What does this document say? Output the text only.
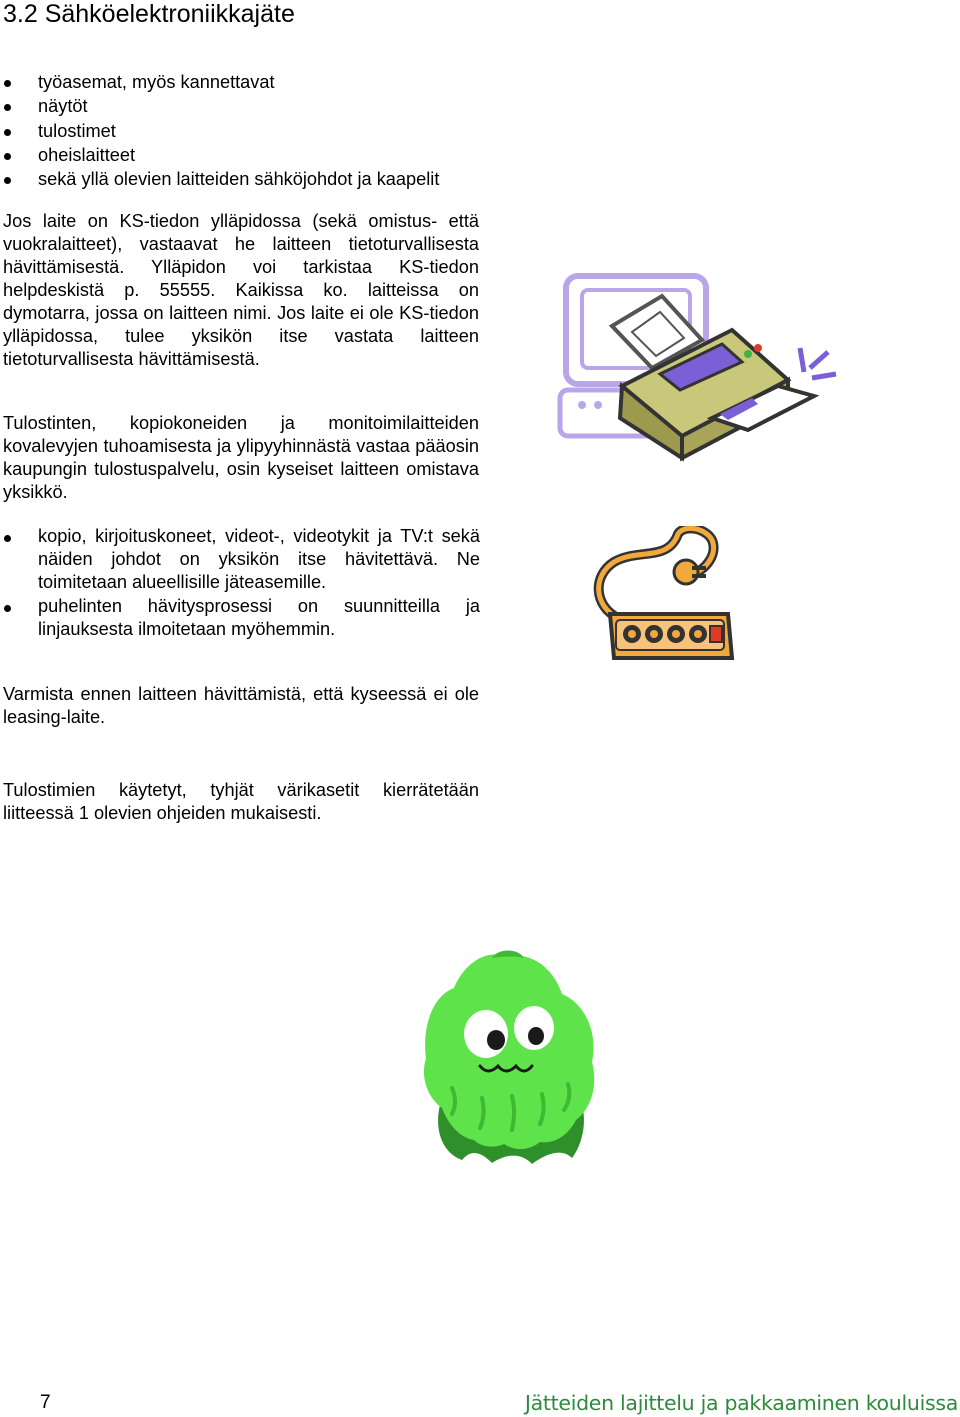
3.2 Sähköelektroniikkajäte
työasemat, myös kannettavat
näytöt
tulostimet
oheislaitteet
sekä yllä olevien laitteiden sähköjohdot ja kaapelit

Jos laite on KS-tiedon ylläpidossa (sekä omistus- että vuokralaitteet), vastaavat he laitteen tietoturvallisesta hävittämisestä. Ylläpidon voi tarkistaa KS-tiedon helpdeskistä p. 55555. Kaikissa ko. laitteissa on dymotarra, jossa on laitteen nimi. Jos laite ei ole KS-tiedon ylläpidossa, tulee yksikön itse vastata laitteen tietoturvallisesta hävittämisestä.

Tulostinten, kopiokoneiden ja monitoimilaitteiden kovalevyjen tuhoamisesta ja ylipyyhinnästä vastaa pääosin kaupungin tulostuspalvelu, osin kyseiset laitteen omistava yksikkö.

kopio, kirjoituskoneet, videot-, videotykit ja TV:t sekä näiden johdot on yksikön itse hävitettävä. Ne toimitetaan alueellisille jäteasemille.
puhelinten hävitysprosessi on suunnitteilla ja linjauksesta ilmoitetaan myöhemmin.

Varmista ennen laitteen hävittämistä, että kyseessä ei ole leasing-laite.

Tulostimien käytetyt, tyhjät värikasetit kierrätetään liitteessä 1 olevien ohjeiden mukaisesti.

7	Jätteiden lajittelu ja pakkaaminen kouluissa
